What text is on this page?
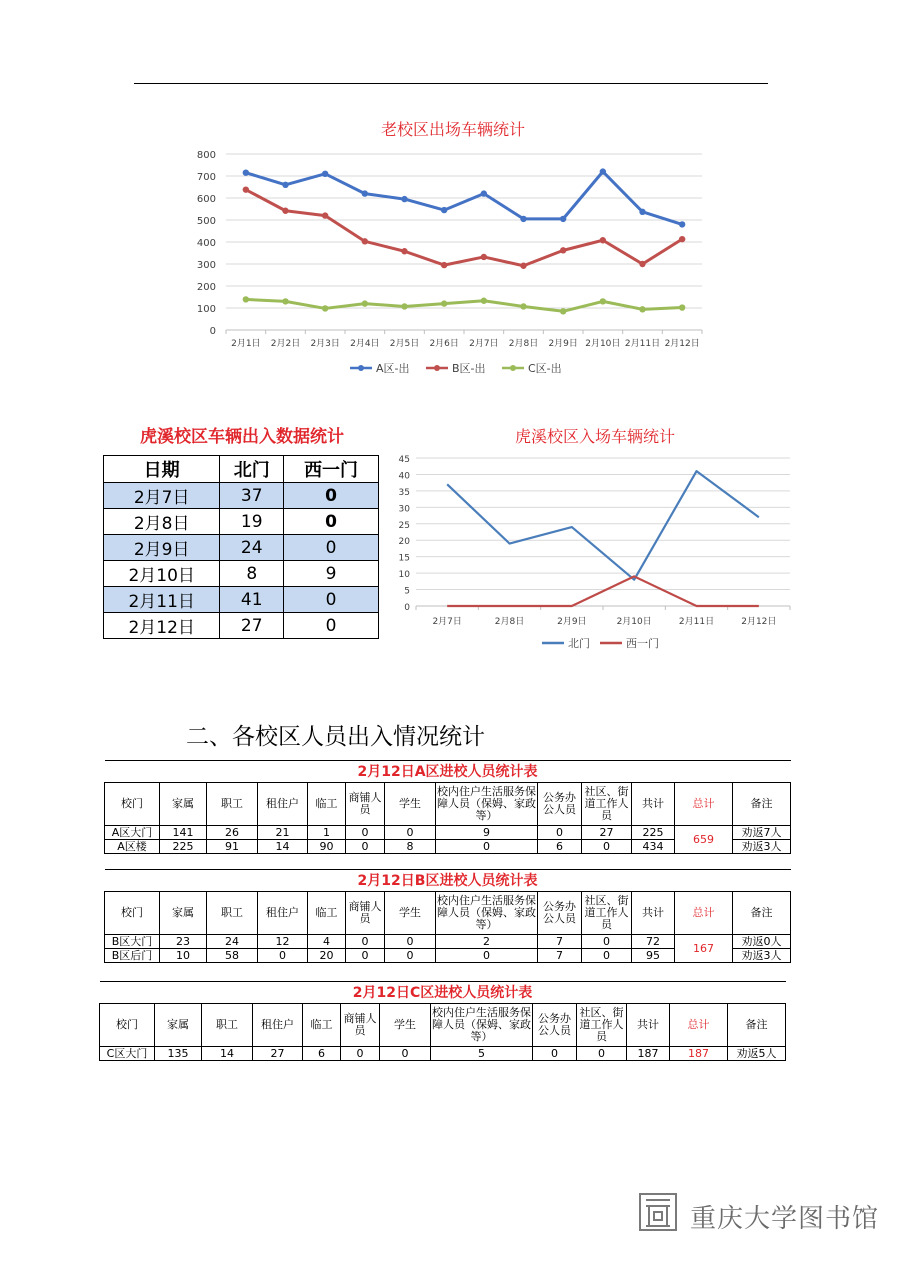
老校区出场车辆统计
0
100
200
300
400
500
600
700
800
2月1日 2月2日 2月3日 2月4日 2月5日 2月6日 2月7日 2月8日 2月9日 2月10日 2月11日 2月12日
A区-出	B区-出	C区-出
虎溪校区车辆出入数据统计
日期	北门	西一门
2月7日	37	0
2月8日	19	0
2月9日	24	0
2月10日	8	9
2月11日	41	0
2月12日	27	0
虎溪校区入场车辆统计
0
5
10
15
20
25
30
35
40
45
2月7日	2月8日	2月9日	2月10日	2月11日	2月12日
北门	西一门
二、各校区人员出入情况统计
2月12日A区进校人员统计表												
校门	家属	职工	租住户	临工	商铺人员	学生	校内住户生活服务保障人员（保姆、家政等）	公务办公人员	社区、街道工作人员	共计	总计	备注
A区大门	141	26	21	1	0	0	9	0	27	225	659	劝返7人
A区楼	225	91	14	90	0	8	0	6	0	434		劝返3人
2月12日B区进校人员统计表												
校门	家属	职工	租住户	临工	商铺人员	学生	校内住户生活服务保障人员（保姆、家政等）	公务办公人员	社区、街道工作人员	共计	总计	备注
B区大门	23	24	12	4	0	0	2	7	0	72	167	劝返0人
B区后门	10	58	0	20	0	0	0	7	0	95		劝返3人
2月12日C区进校人员统计表												
校门	家属	职工	租住户	临工	商铺人员	学生	校内住户生活服务保障人员（保姆、家政等）	公务办公人员	社区、街道工作人员	共计	总计	备注
C区大门	135	14	27	6	0	0	5	0	0	187	187	劝返5人
重庆大学图书馆
